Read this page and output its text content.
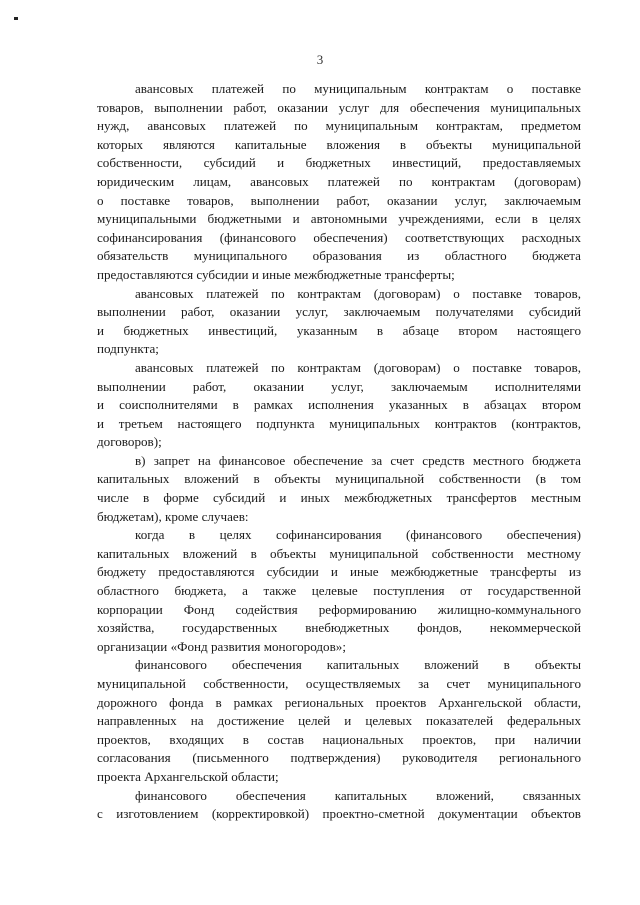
3
авансовых платежей по муниципальным контрактам о поставке
товаров, выполнении работ, оказании услуг для обеспечения муниципальных
нужд, авансовых платежей по муниципальным контрактам, предметом
которых являются капитальные вложения в объекты муниципальной
собственности, субсидий и бюджетных инвестиций, предоставляемых
юридическим лицам, авансовых платежей по контрактам (договорам)
о поставке товаров, выполнении работ, оказании услуг, заключаемым
муниципальными бюджетными и автономными учреждениями, если в целях
софинансирования (финансового обеспечения) соответствующих расходных
обязательств муниципального образования из областного бюджета
предоставляются субсидии и иные межбюджетные трансферты;
авансовых платежей по контрактам (договорам) о поставке товаров,
выполнении работ, оказании услуг, заключаемым получателями субсидий
и бюджетных инвестиций, указанным в абзаце втором настоящего
подпункта;
авансовых платежей по контрактам (договорам) о поставке товаров,
выполнении работ, оказании услуг, заключаемым исполнителями
и соисполнителями в рамках исполнения указанных в абзацах втором
и третьем настоящего подпункта муниципальных контрактов (контрактов,
договоров);
в) запрет на финансовое обеспечение за счет средств местного бюджета
капитальных вложений в объекты муниципальной собственности (в том
числе в форме субсидий и иных межбюджетных трансфертов местным
бюджетам), кроме случаев:
когда в целях софинансирования (финансового обеспечения)
капитальных вложений в объекты муниципальной собственности местному
бюджету предоставляются субсидии и иные межбюджетные трансферты из
областного бюджета, а также целевые поступления от государственной
корпорации Фонд содействия реформированию жилищно-коммунального
хозяйства, государственных внебюджетных фондов, некоммерческой
организации «Фонд развития моногородов»;
финансового обеспечения капитальных вложений в объекты
муниципальной собственности, осуществляемых за счет муниципального
дорожного фонда в рамках региональных проектов Архангельской области,
направленных на достижение целей и целевых показателей федеральных
проектов, входящих в состав национальных проектов, при наличии
согласования (письменного подтверждения) руководителя регионального
проекта Архангельской области;
финансового обеспечения капитальных вложений, связанных
с изготовлением (корректировкой) проектно-сметной документации объектов
